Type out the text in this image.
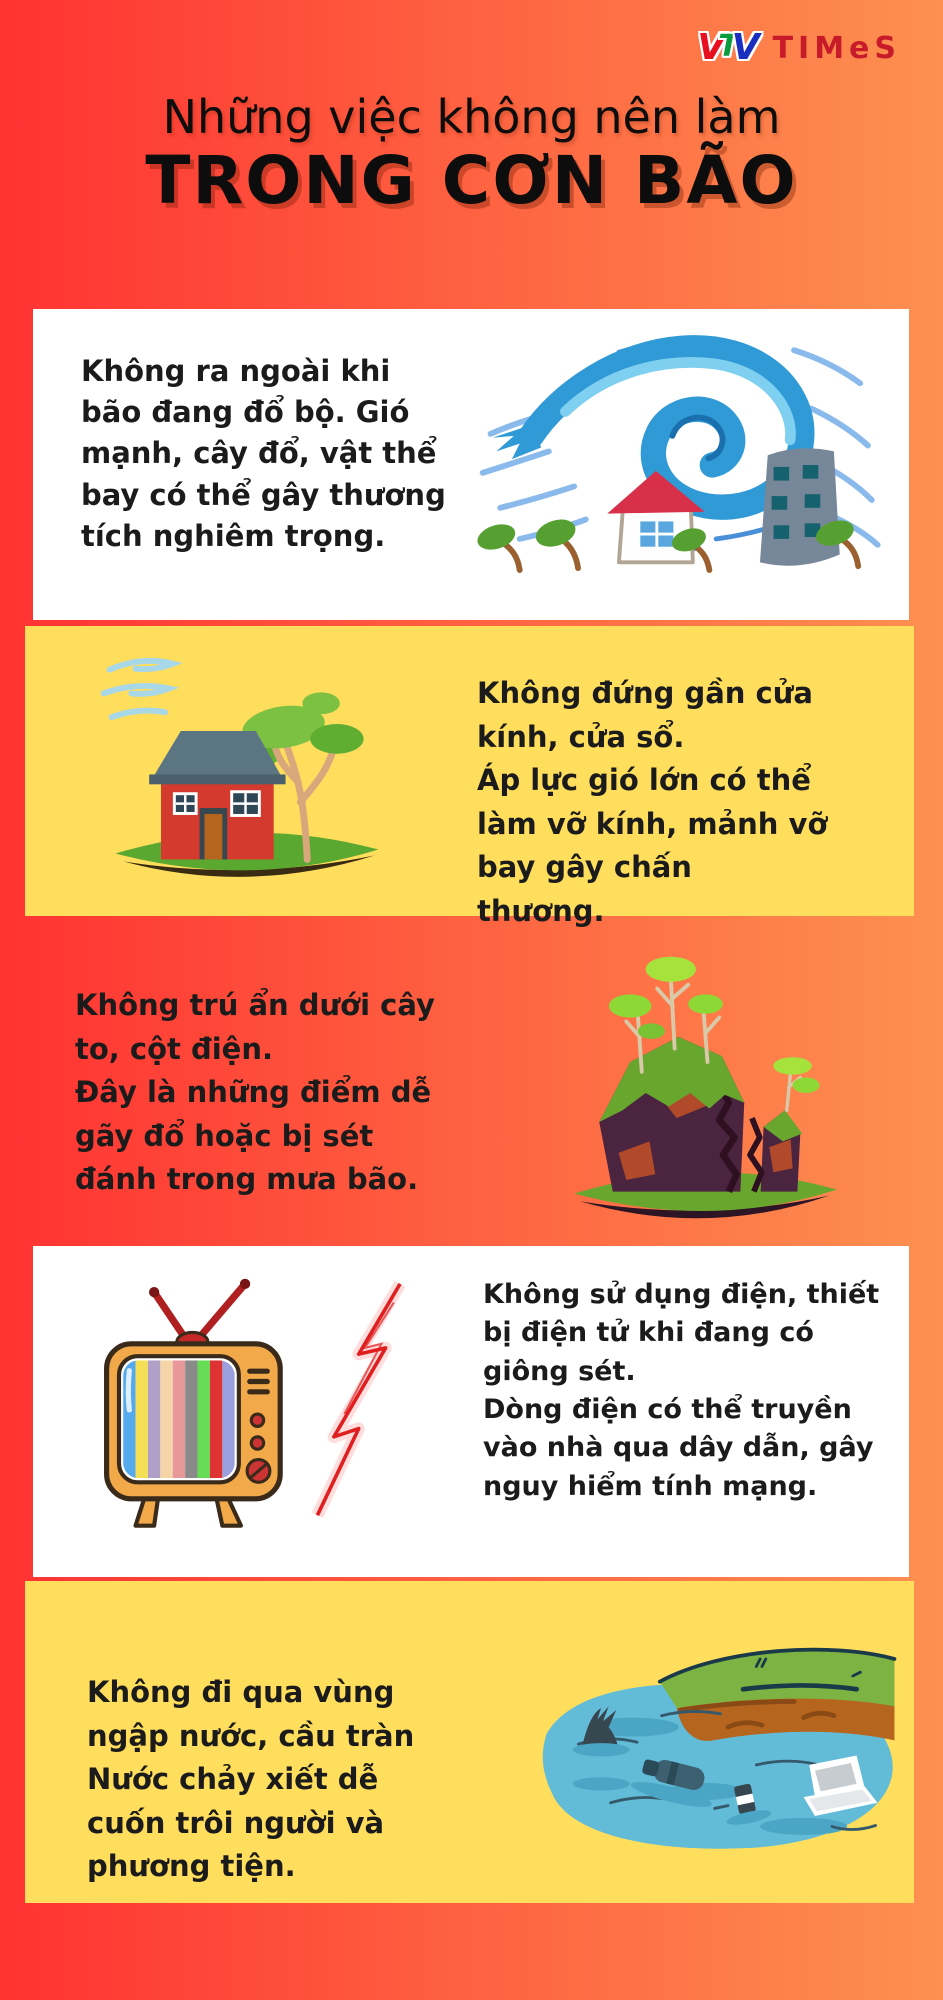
V T V TIMeS
Những việc không nên làm
TRONG CƠN BÃO

Không ra ngoài khi bão đang đổ bộ. Gió mạnh, cây đổ, vật thể bay có thể gây thương tích nghiêm trọng.

Không đứng gần cửa kính, cửa sổ.

Áp lực gió lớn có thể làm vỡ kính, mảnh vỡ bay gây chấn thương.

Không trú ẩn dưới cây to, cột điện.

Đây là những điểm dễ gãy đổ hoặc bị sét đánh trong mưa bão.

Không sử dụng điện, thiết bị điện tử khi đang có giông sét.

Dòng điện có thể truyền vào nhà qua dây dẫn, gây nguy hiểm tính mạng.

Không đi qua vùng ngập nước, cầu tràn

Nước chảy xiết dễ cuốn trôi người và phương tiện.
